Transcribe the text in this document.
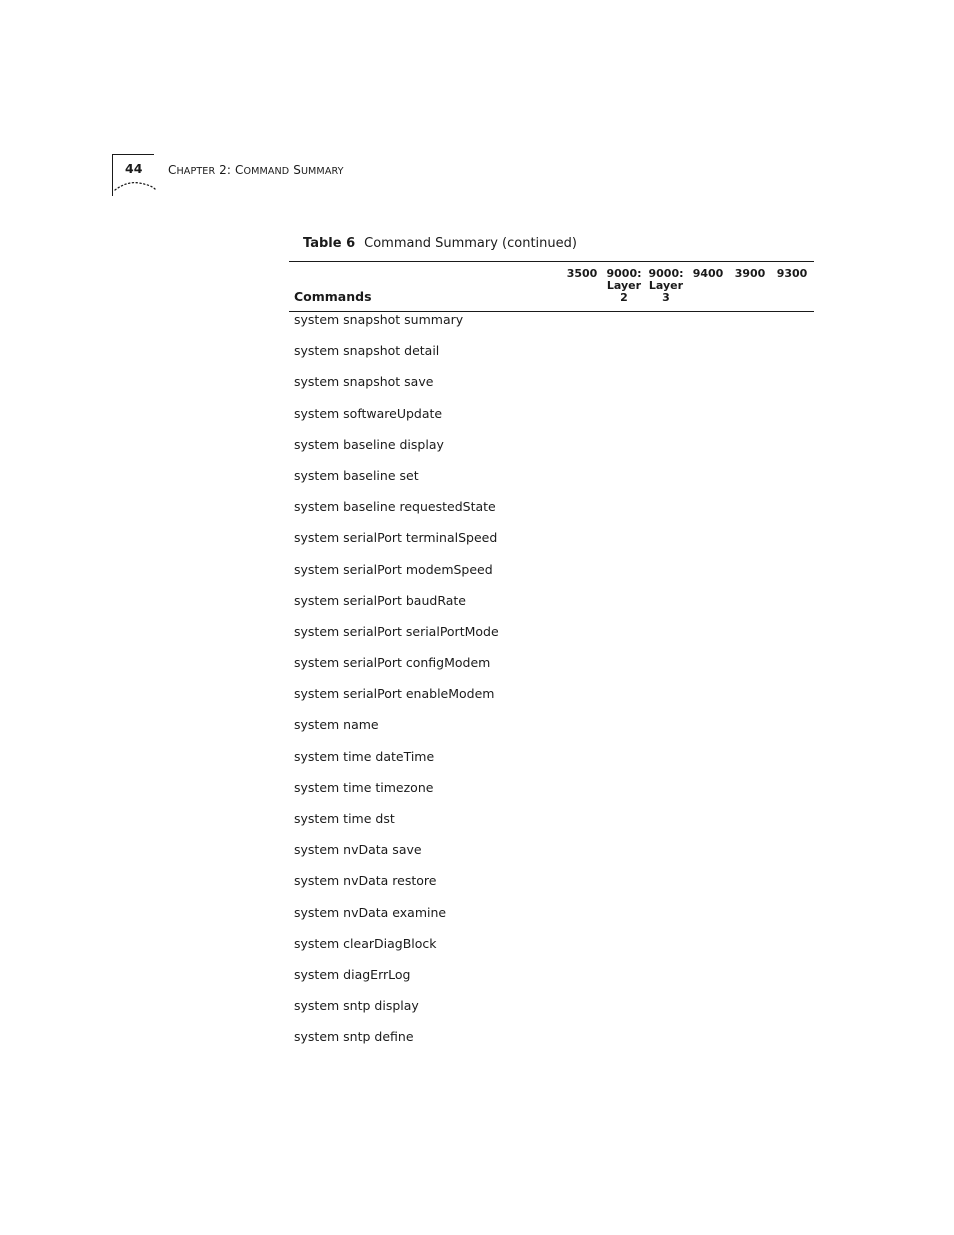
44 CHAPTER 2: COMMAND SUMMARY
Table 6 Command Summary (continued)
3500 9000:
Layer
2
9000:
Layer
3
9400 3900 9300
Commands
system snapshot summary
system snapshot detail
system snapshot save
system softwareUpdate
system baseline display
system baseline set
system baseline requestedState
system serialPort terminalSpeed
system serialPort modemSpeed
system serialPort baudRate
system serialPort serialPortMode
system serialPort configModem
system serialPort enableModem
system name
system time dateTime
system time timezone
system time dst
system nvData save
system nvData restore
system nvData examine
system clearDiagBlock
system diagErrLog
system sntp display
system sntp define
